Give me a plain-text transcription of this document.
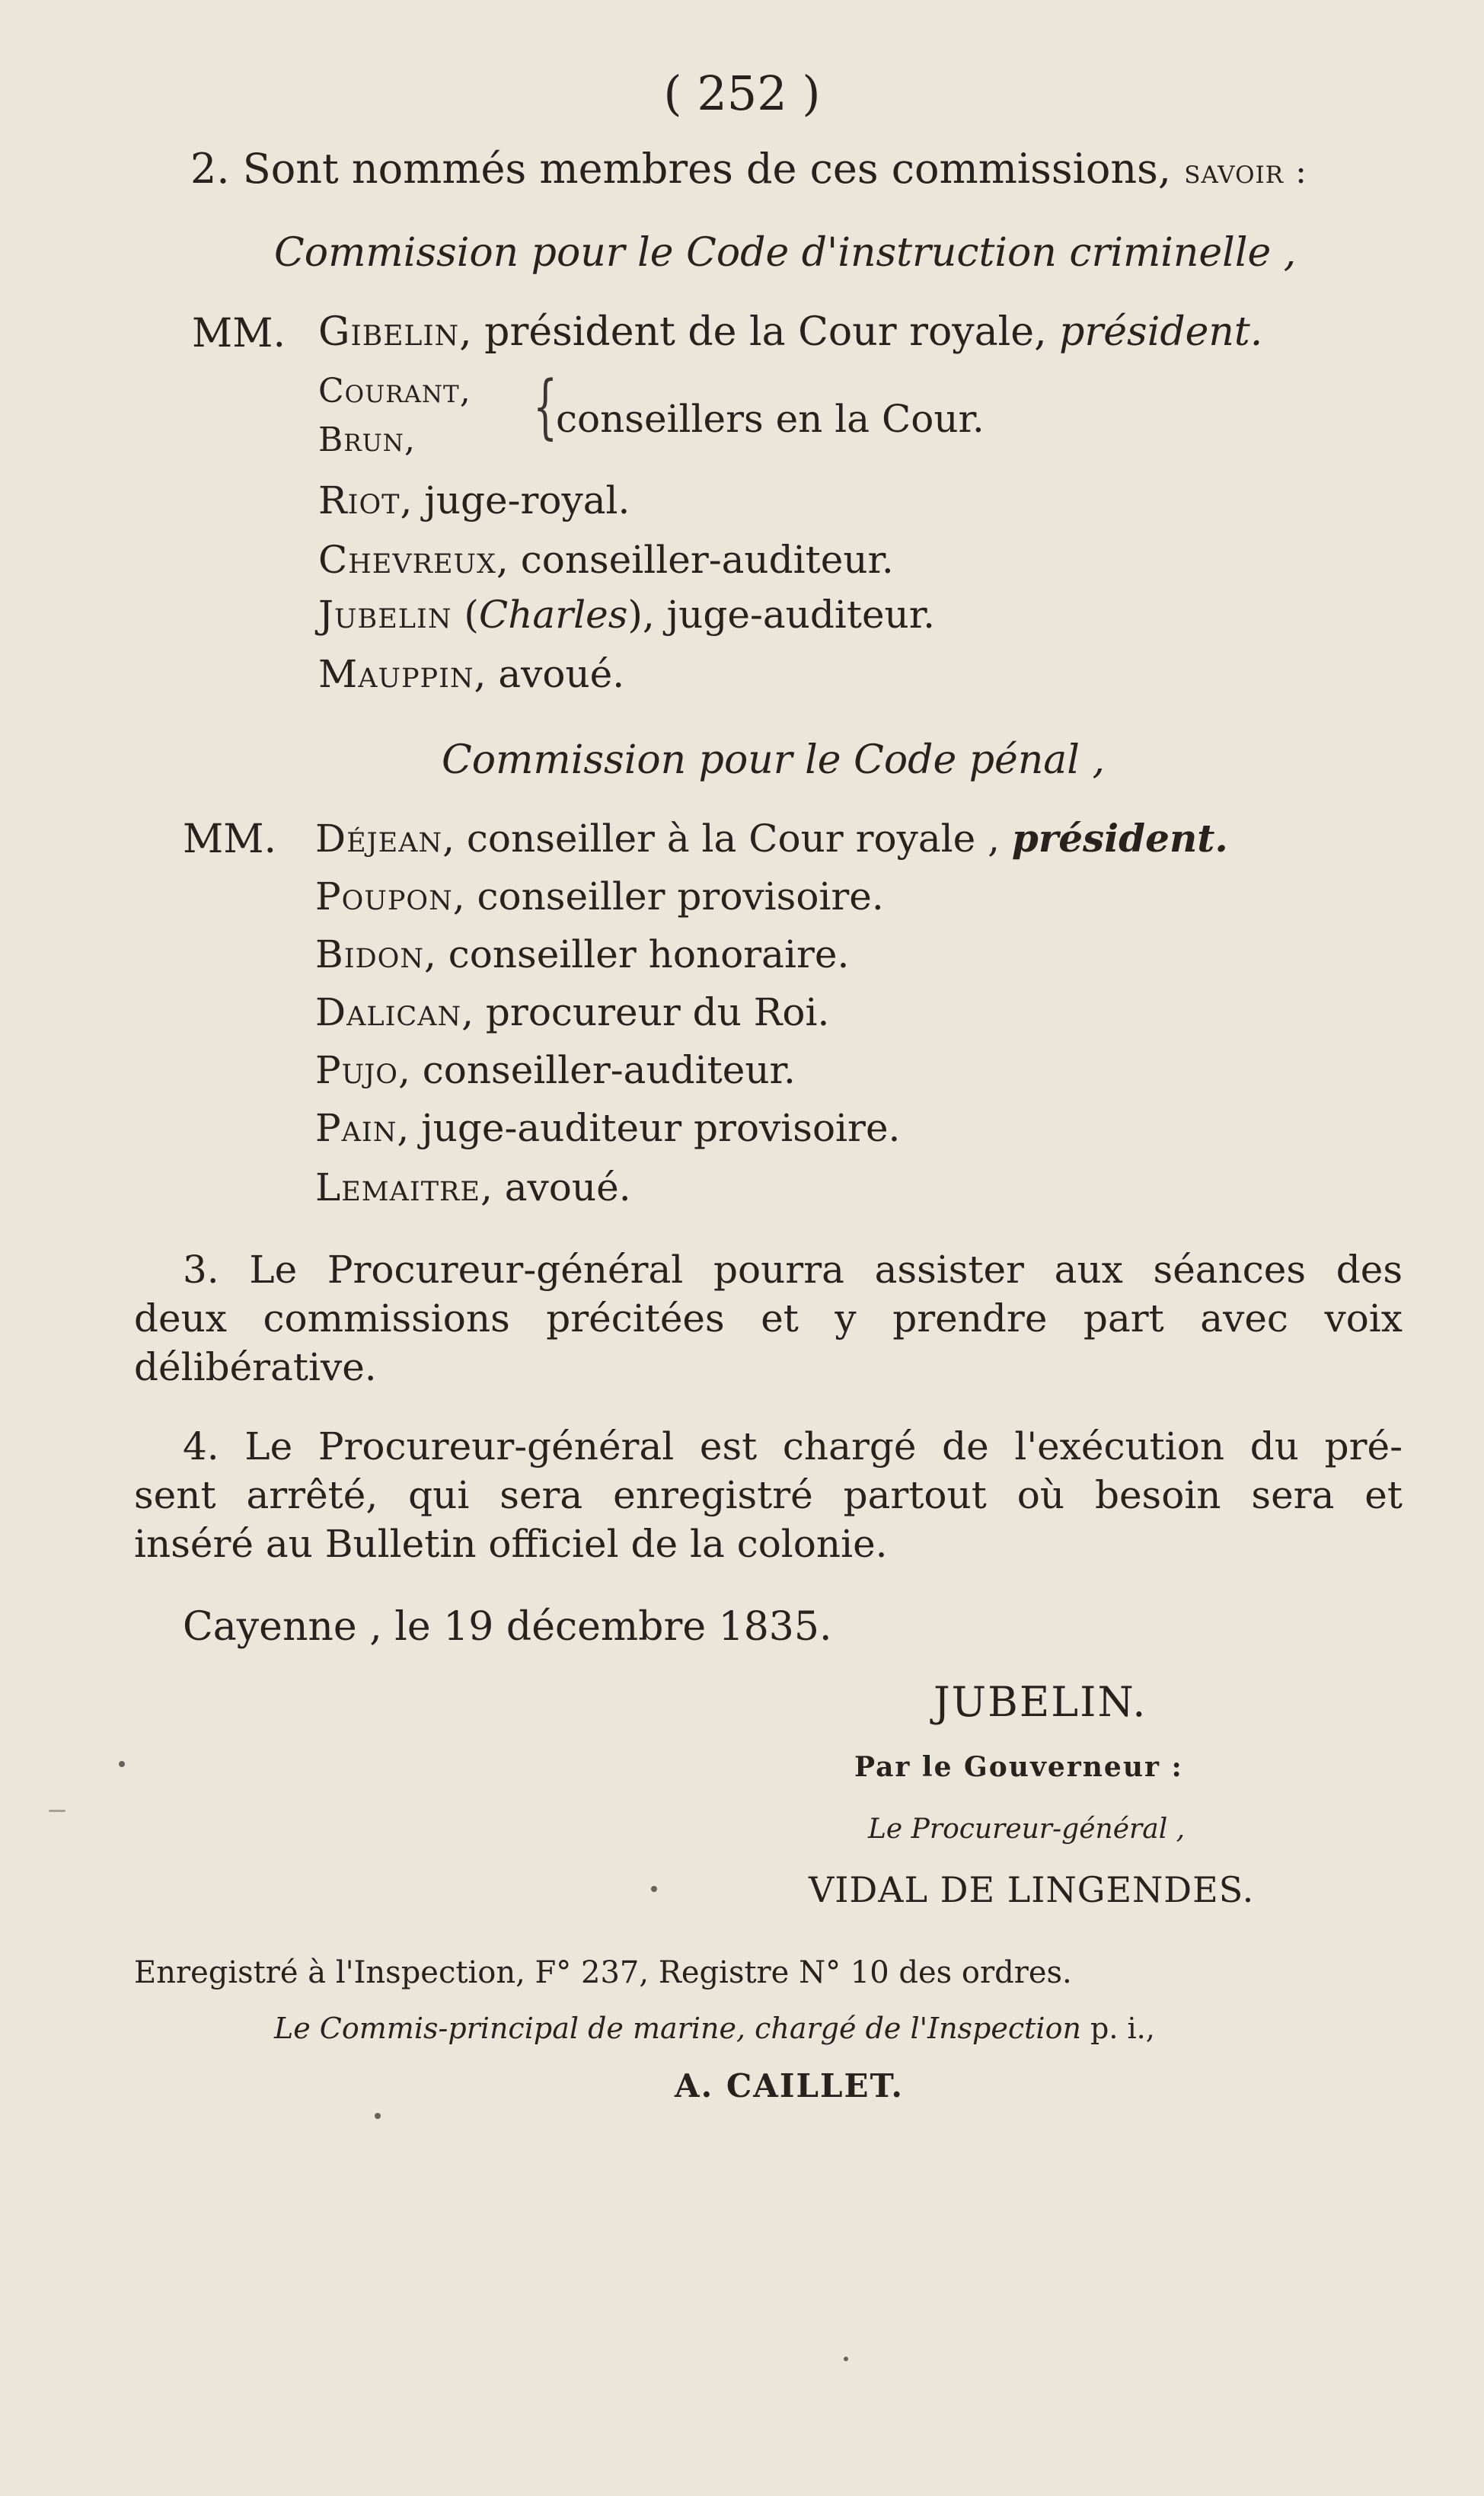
( 252 )
2. Sont nommés membres de ces commissions, savoir :
Commission pour le Code d'instruction criminelle ,
MM. Gibelin, président de la Cour royale, président.
Courant,
Brun, {
conseillers en la Cour.
Riot, juge-royal.
Chevreux, conseiller-auditeur.
Jubelin (Charles), juge-auditeur.
Mauppin, avoué.
Commission pour le Code pénal ,
MM. Déjean, conseiller à la Cour royale , président.
Poupon, conseiller provisoire.
Bidon, conseiller honoraire.
Dalican, procureur du Roi.
Pujo, conseiller-auditeur.
Pain, juge-auditeur provisoire.
Lemaitre, avoué.
3. Le Procureur-général pourra assister aux séances des
deux commissions précitées et y prendre part avec voix
délibérative.
4. Le Procureur-général est chargé de l'exécution du pré-
sent arrêté, qui sera enregistré partout où besoin sera et
inséré au Bulletin officiel de la colonie.
Cayenne , le 19 décembre 1835.
JUBELIN.
Par le Gouverneur :
Le Procureur-général ,
VIDAL DE LINGENDES.
Enregistré à l'Inspection, F° 237, Registre N° 10 des ordres.
Le Commis-principal de marine, chargé de l'Inspection p. i.,
A. CAILLET.
